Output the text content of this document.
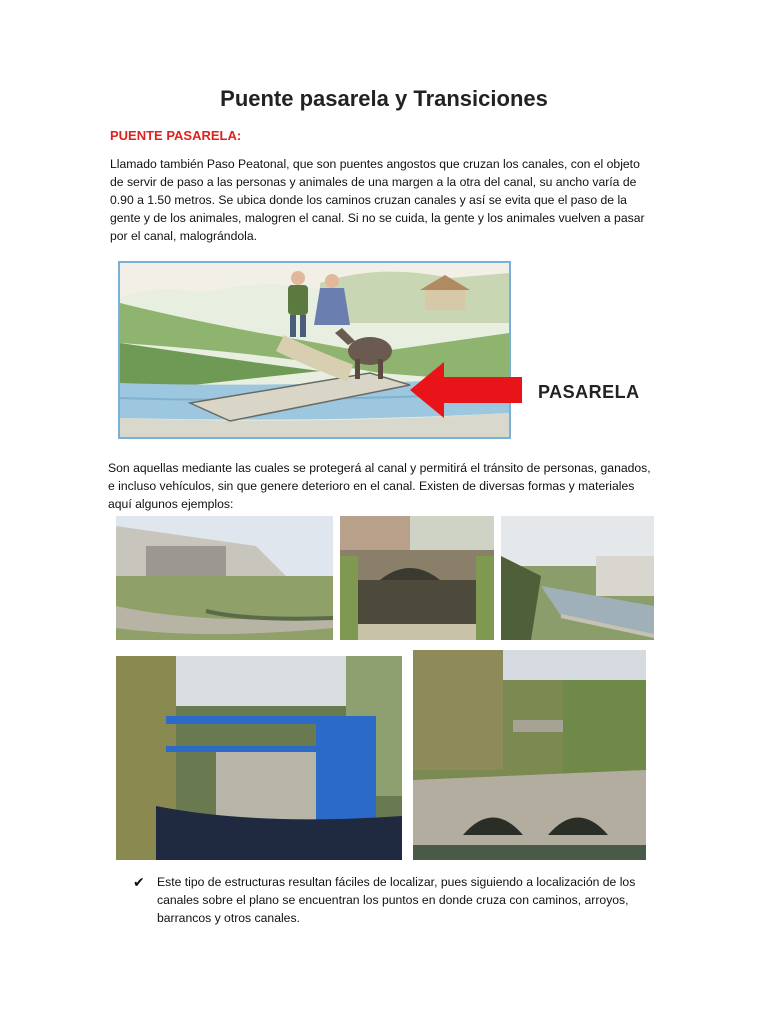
Puente pasarela y Transiciones
PUENTE PASARELA:
Llamado también Paso Peatonal, que son puentes angostos que cruzan los canales, con el objeto de servir de paso a las personas y animales de una margen a la otra del canal, su ancho varía de 0.90 a 1.50 metros. Se ubica donde los caminos cruzan canales y así se evita que el paso de la gente y de los animales, malogren el canal. Si no se cuida, la gente y los animales vuelven a pasar por el canal, malográndola.
PASARELA
Son aquellas mediante las cuales se protegerá al canal y permitirá el tránsito de personas, ganados, e incluso vehículos, sin que genere deterioro en el canal. Existen de diversas formas y materiales aquí algunos ejemplos:
✔ Este tipo de estructuras resultan fáciles de localizar, pues siguiendo a localización de los canales sobre el plano se encuentran los puntos en donde cruza con caminos, arroyos, barrancos y otros canales.
